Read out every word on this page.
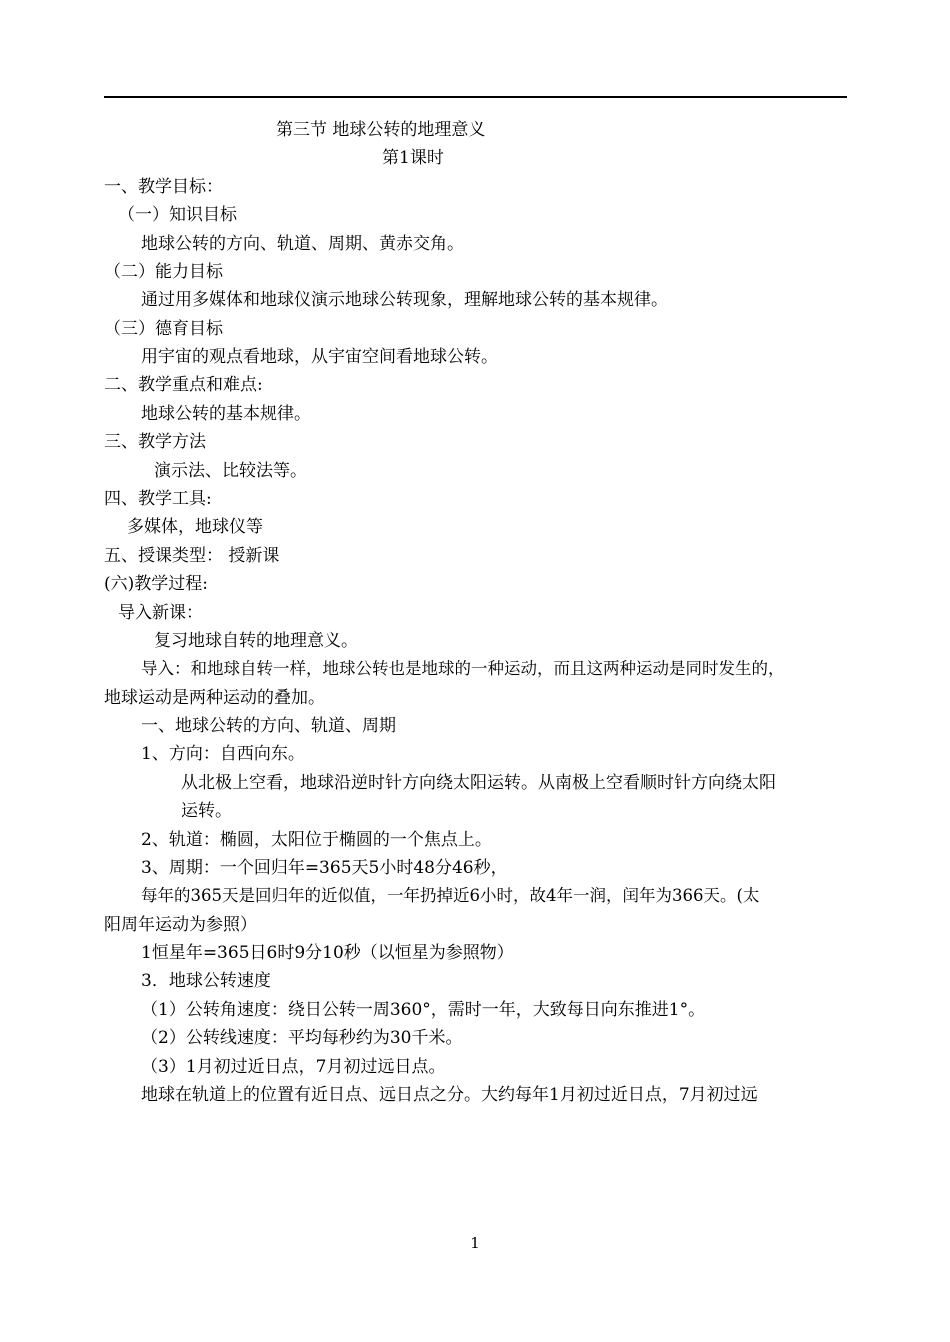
第三节 地球公转的地理意义
第1课时
一、教学目标：
（一）知识目标
地球公转的方向、轨道、周期、黄赤交角。
（二）能力目标
通过用多媒体和地球仪演示地球公转现象，理解地球公转的基本规律。
（三）德育目标
用宇宙的观点看地球，从宇宙空间看地球公转。
二、教学重点和难点:
地球公转的基本规律。
三、教学方法
演示法、比较法等。
四、教学工具:
多媒体，地球仪等
五、授课类型： 授新课
(六)教学过程:
导入新课：
复习地球自转的地理意义。
导入：和地球自转一样，地球公转也是地球的一种运动，而且这两种运动是同时发生的，
地球运动是两种运动的叠加。
一、地球公转的方向、轨道、周期
1、方向：自西向东。
从北极上空看，地球沿逆时针方向绕太阳运转。从南极上空看顺时针方向绕太阳
运转。
2、轨道：椭圆，太阳位于椭圆的一个焦点上。
3、周期：一个回归年=365天5小时48分46秒，
每年的365天是回归年的近似值，一年扔掉近6小时，故4年一润，闰年为366天。(太
阳周年运动为参照）
1恒星年=365日6时9分10秒（以恒星为参照物）
3．地球公转速度
（1）公转角速度：绕日公转一周360°，需时一年，大致每日向东推进1°。
（2）公转线速度：平均每秒约为30千米。
（3）1月初过近日点，7月初过远日点。
地球在轨道上的位置有近日点、远日点之分。大约每年1月初过近日点，7月初过远
1
